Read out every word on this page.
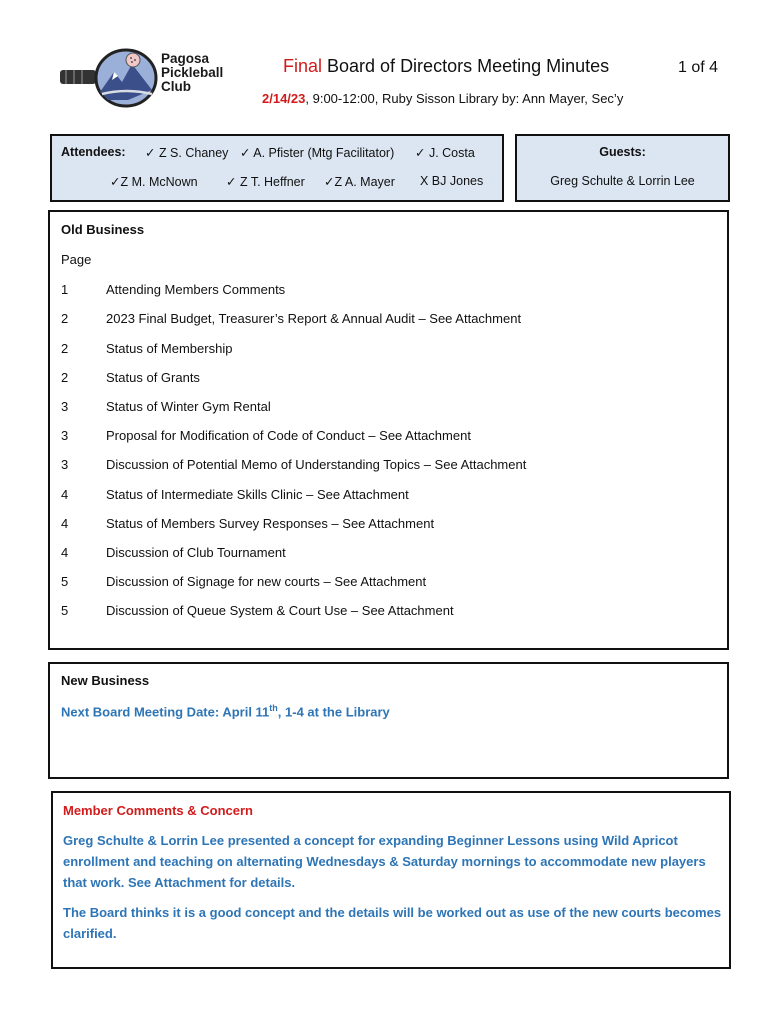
Pagosa
Pickleball
Club
Final Board of Directors Meeting Minutes	1 of 4
2/14/23, 9:00-12:00, Ruby Sisson Library by: Ann Mayer, Sec’y
Attendees: ✓ Z S. Chaney ✓ A. Pfister (Mtg Facilitator) ✓ J. Costa
✓Z M. McNown ✓ Z T. Heffner ✓Z A. Mayer X BJ Jones
Guests:
Greg Schulte & Lorrin Lee
Old Business
Page
1	Attending Members Comments
2	2023 Final Budget, Treasurer’s Report & Annual Audit – See Attachment
2	Status of Membership
2	Status of Grants
3	Status of Winter Gym Rental
3	Proposal for Modification of Code of Conduct – See Attachment
3	Discussion of Potential Memo of Understanding Topics – See Attachment
4	Status of Intermediate Skills Clinic – See Attachment
4	Status of Members Survey Responses – See Attachment
4	Discussion of Club Tournament
5	Discussion of Signage for new courts – See Attachment
5	Discussion of Queue System & Court Use – See Attachment
New Business
Next Board Meeting Date: April 11th, 1-4 at the Library
Member Comments & Concern
Greg Schulte & Lorrin Lee presented a concept for expanding Beginner Lessons using Wild Apricot enrollment and teaching on alternating Wednesdays & Saturday mornings to accommodate new players that work. See Attachment for details.
The Board thinks it is a good concept and the details will be worked out as use of the new courts becomes clarified.
